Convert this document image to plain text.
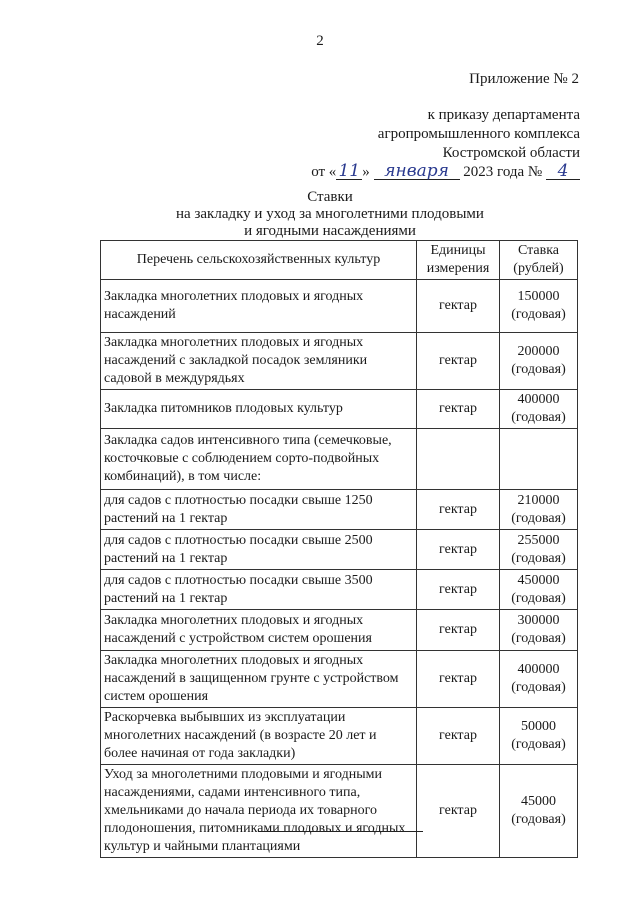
2
Приложение № 2
к приказу департамента
агропромышленного комплекса
Костромской области
от « 11 » января 2023 года № 4
Ставки
на закладку и уход за многолетними плодовыми
и ягодными насаждениями
Перечень сельскохозяйственных культур	Единицы измерения	Ставка (рублей)
Закладка многолетних плодовых и ягодных насаждений	гектар	150000 (годовая)
Закладка многолетних плодовых и ягодных насаждений с закладкой посадок земляники садовой в междурядьях	гектар	200000 (годовая)
Закладка питомников плодовых культур	гектар	400000 (годовая)
Закладка садов интенсивного типа (семечковые, косточковые с соблюдением сорто-подвойных комбинаций), в том числе:		
для садов с плотностью посадки свыше 1250 растений на 1 гектар	гектар	210000 (годовая)
для садов с плотностью посадки свыше 2500 растений на 1 гектар	гектар	255000 (годовая)
для садов с плотностью посадки свыше 3500 растений на 1 гектар	гектар	450000 (годовая)
Закладка многолетних плодовых и ягодных насаждений с устройством систем орошения	гектар	300000 (годовая)
Закладка многолетних плодовых и ягодных насаждений в защищенном грунте с устройством систем орошения	гектар	400000 (годовая)
Раскорчевка выбывших из эксплуатации многолетних насаждений (в возрасте 20 лет и более начиная от года закладки)	гектар	50000 (годовая)
Уход за многолетними плодовыми и ягодными насаждениями, садами интенсивного типа, хмельниками до начала периода их товарного плодоношения, питомниками плодовых и ягодных культур и чайными плантациями	гектар	45000 (годовая)
